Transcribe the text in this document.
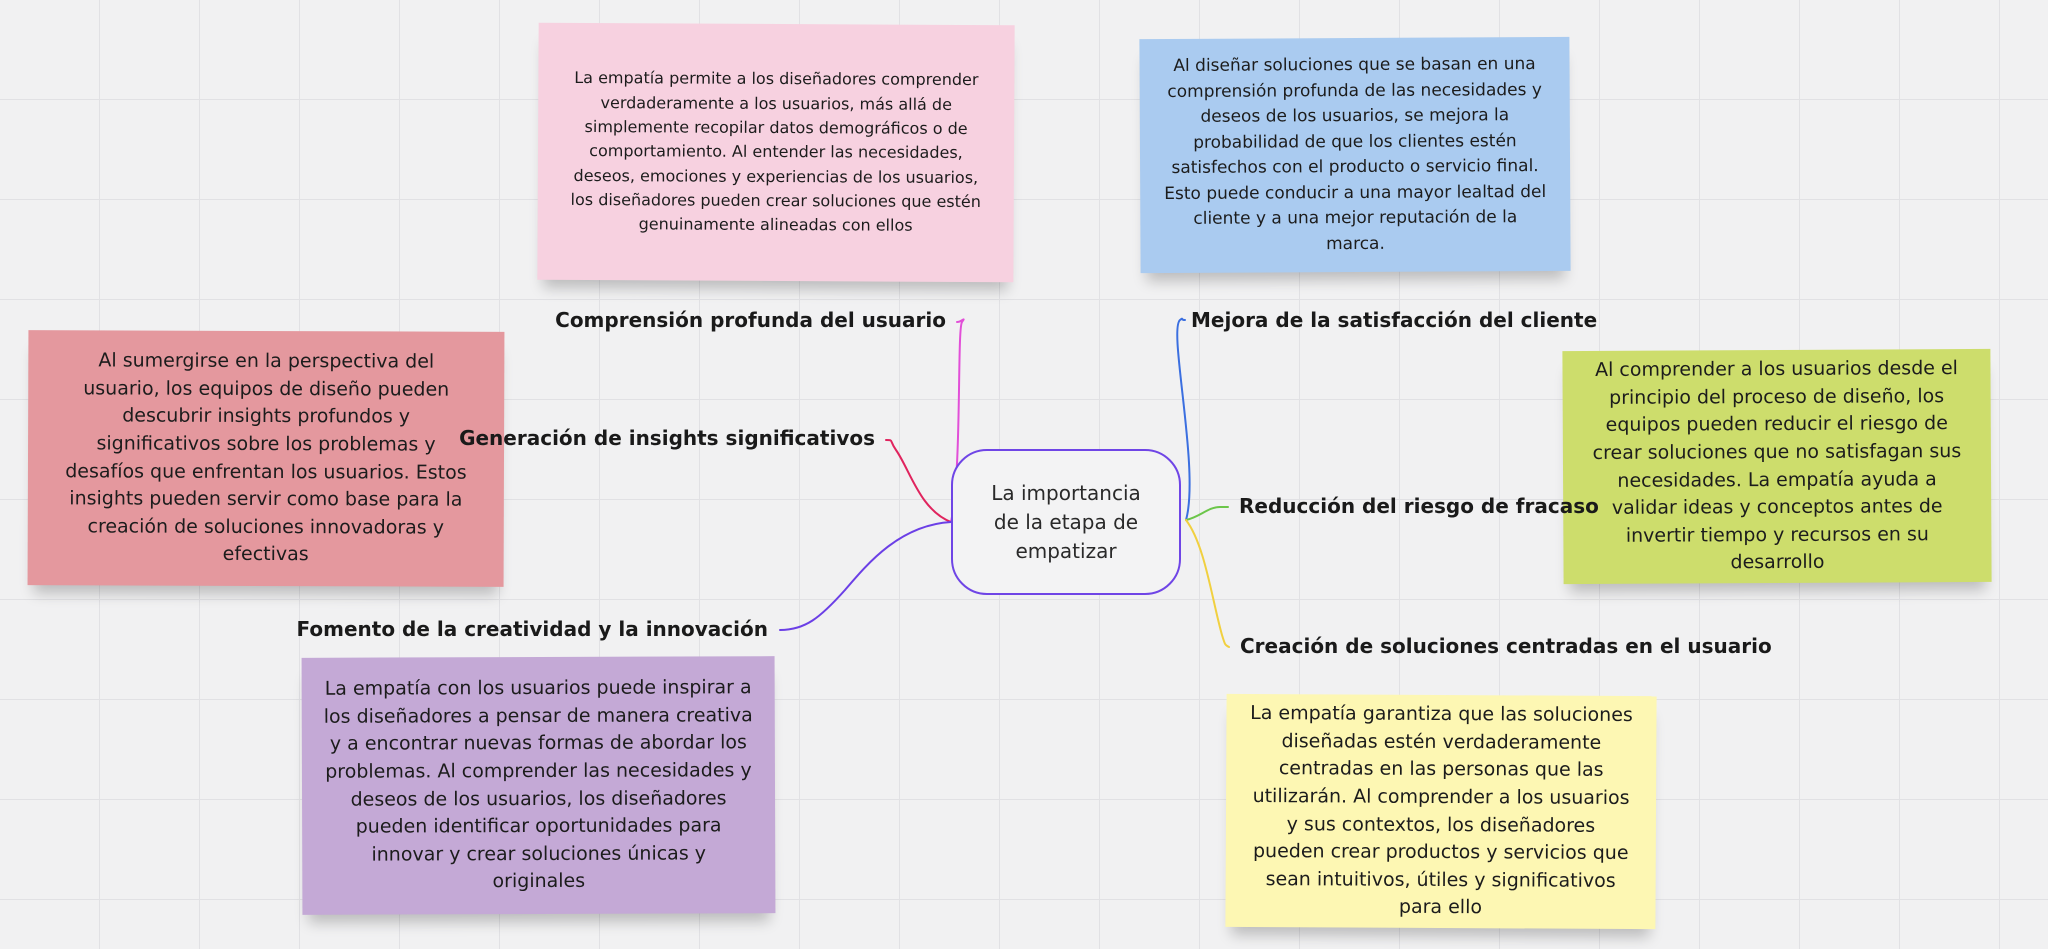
La empatía permite a los diseñadores comprender verdaderamente a los usuarios, más allá de simplemente recopilar datos demográficos o de comportamiento. Al entender las necesidades, deseos, emociones y experiencias de los usuarios, los diseñadores pueden crear soluciones que estén genuinamente alineadas con ellos
Al sumergirse en la perspectiva del usuario, los equipos de diseño pueden descubrir insights profundos y significativos sobre los problemas y desafíos que enfrentan los usuarios. Estos insights pueden servir como base para la creación de soluciones innovadoras y efectivas
La empatía con los usuarios puede inspirar a los diseñadores a pensar de manera creativa y a encontrar nuevas formas de abordar los problemas. Al comprender las necesidades y deseos de los usuarios, los diseñadores pueden identificar oportunidades para innovar y crear soluciones únicas y originales
Al diseñar soluciones que se basan en una comprensión profunda de las necesidades y deseos de los usuarios, se mejora la probabilidad de que los clientes estén satisfechos con el producto o servicio final. Esto puede conducir a una mayor lealtad del cliente y a una mejor reputación de la marca.
Al comprender a los usuarios desde el principio del proceso de diseño, los equipos pueden reducir el riesgo de crear soluciones que no satisfagan sus necesidades. La empatía ayuda a validar ideas y conceptos antes de invertir tiempo y recursos en su desarrollo
La empatía garantiza que las soluciones diseñadas estén verdaderamente centradas en las personas que las utilizarán. Al comprender a los usuarios y sus contextos, los diseñadores pueden crear productos y servicios que sean intuitivos, útiles y significativos para ello
La importancia de la etapa de empatizar
Comprensión profunda del usuario
Generación de insights significativos
Fomento de la creatividad y la innovación
Mejora de la satisfacción del cliente
Reducción del riesgo de fracaso
Creación de soluciones centradas en el usuario
